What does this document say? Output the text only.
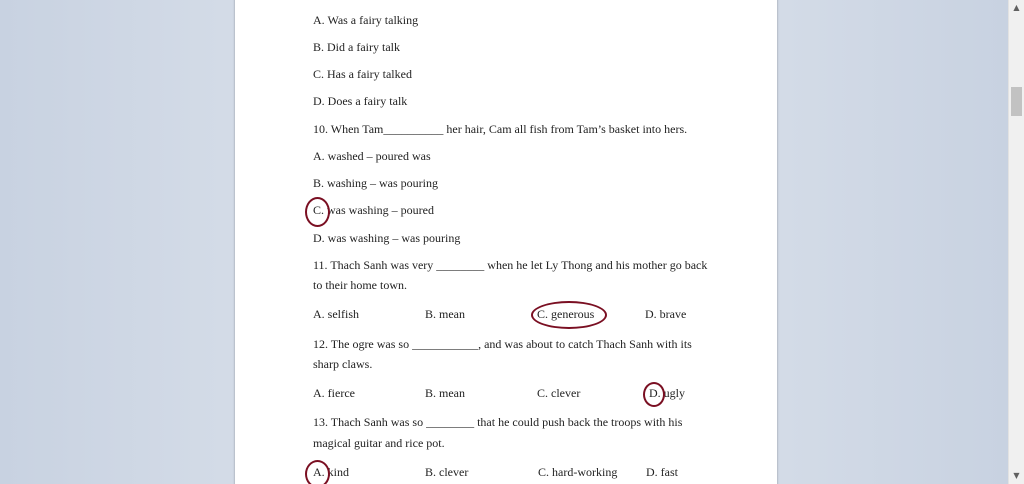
A. Was a fairy talking
B. Did a fairy talk
C. Has a fairy talked
D. Does a fairy talk
10. When Tam__________ her hair, Cam all fish from Tam’s basket into hers.
A. washed – poured was
B. washing – was pouring
C. was washing – poured
D. was washing – was pouring
11. Thach Sanh was very ________ when he let Ly Thong and his mother go back
to their home town.
A. selfish	B. mean	C. generous	D. brave
12. The ogre was so ___________, and was about to catch Thach Sanh with its
sharp claws.
A. fierce	B. mean	C. clever	D. ugly
13. Thach Sanh was so ________ that he could push back the troops with his
magical guitar and rice pot.
A. kind	B. clever	C. hard-working D. fast
▲
▼
